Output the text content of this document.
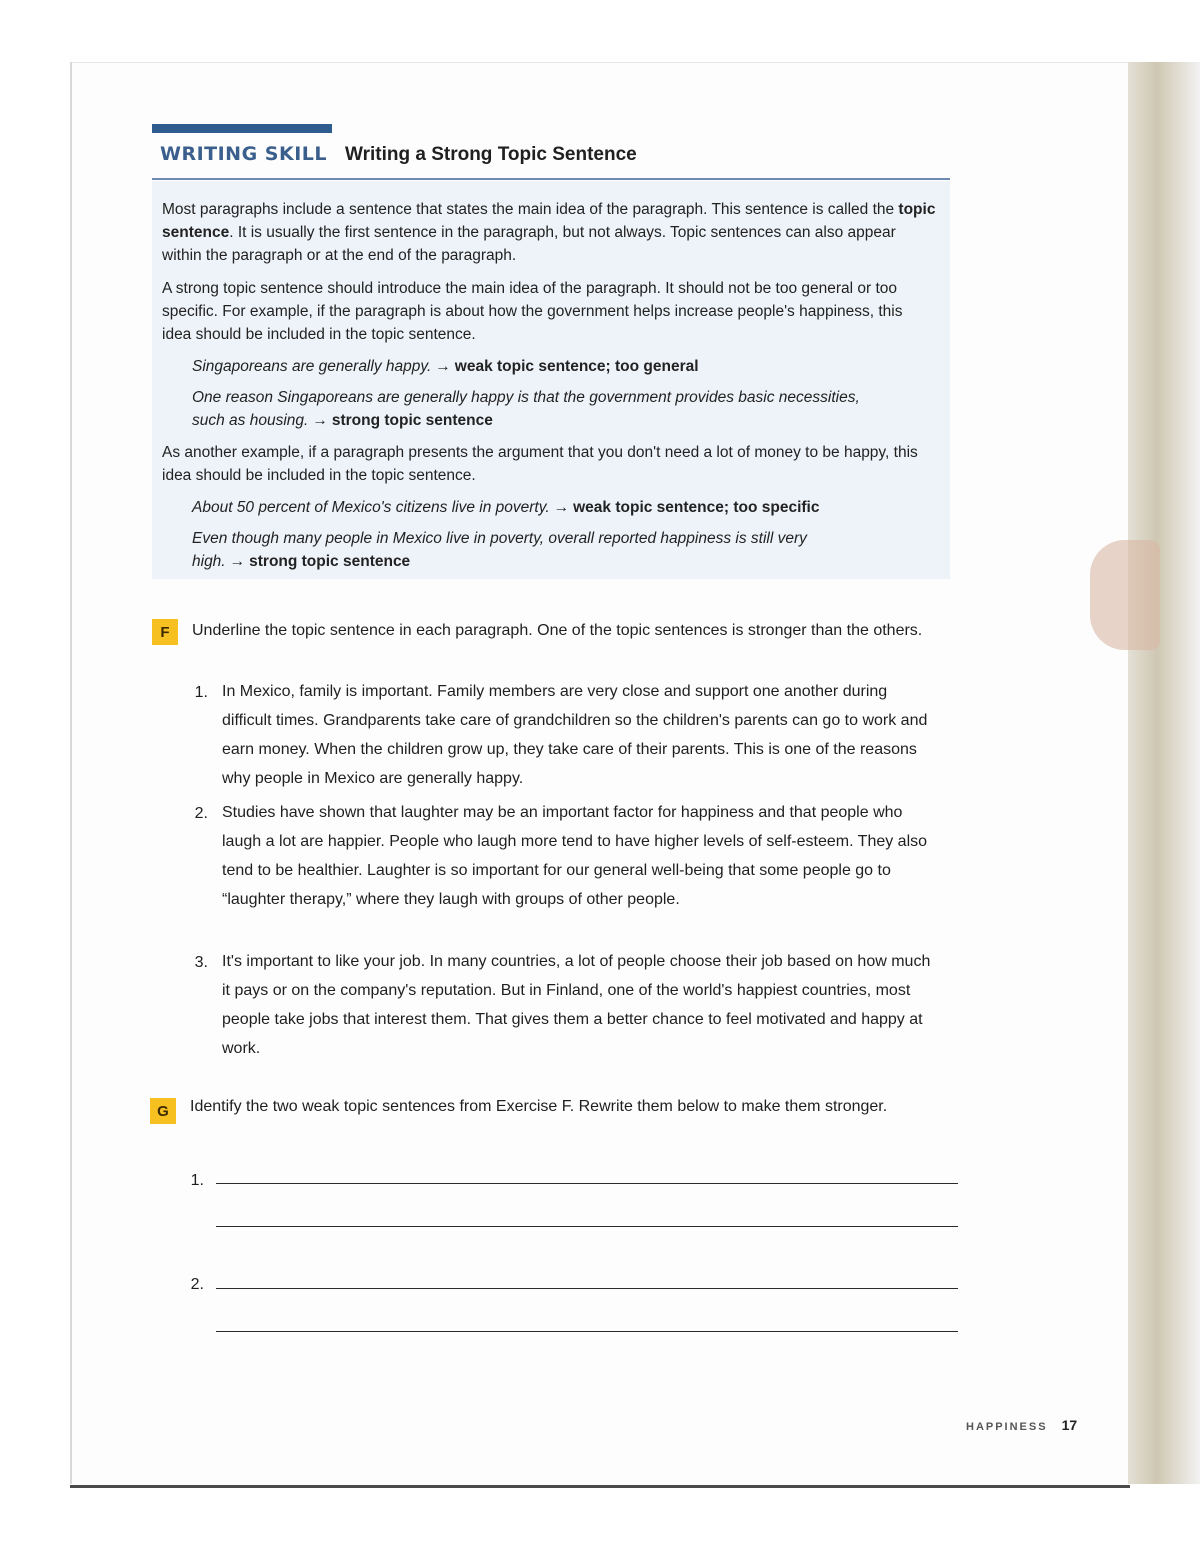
WRITING SKILL Writing a Strong Topic Sentence
Most paragraphs include a sentence that states the main idea of the paragraph. This sentence is called the topic sentence. It is usually the first sentence in the paragraph, but not always. Topic sentences can also appear within the paragraph or at the end of the paragraph.
A strong topic sentence should introduce the main idea of the paragraph. It should not be too general or too specific. For example, if the paragraph is about how the government helps increase people's happiness, this idea should be included in the topic sentence.
Singaporeans are generally happy. → weak topic sentence; too general
One reason Singaporeans are generally happy is that the government provides basic necessities, such as housing. → strong topic sentence
As another example, if a paragraph presents the argument that you don't need a lot of money to be happy, this idea should be included in the topic sentence.
About 50 percent of Mexico's citizens live in poverty. → weak topic sentence; too specific
Even though many people in Mexico live in poverty, overall reported happiness is still very high. → strong topic sentence
F	Underline the topic sentence in each paragraph. One of the topic sentences is stronger than the others.
1. In Mexico, family is important. Family members are very close and support one another during difficult times. Grandparents take care of grandchildren so the children's parents can go to work and earn money. When the children grow up, they take care of their parents. This is one of the reasons why people in Mexico are generally happy.
2. Studies have shown that laughter may be an important factor for happiness and that people who laugh a lot are happier. People who laugh more tend to have higher levels of self-esteem. They also tend to be healthier. Laughter is so important for our general well-being that some people go to “laughter therapy,” where they laugh with groups of other people.
3. It's important to like your job. In many countries, a lot of people choose their job based on how much it pays or on the company's reputation. But in Finland, one of the world's happiest countries, most people take jobs that interest them. That gives them a better chance to feel motivated and happy at work.
G	Identify the two weak topic sentences from Exercise F. Rewrite them below to make them stronger.
1.
2.
HAPPINESS 17
